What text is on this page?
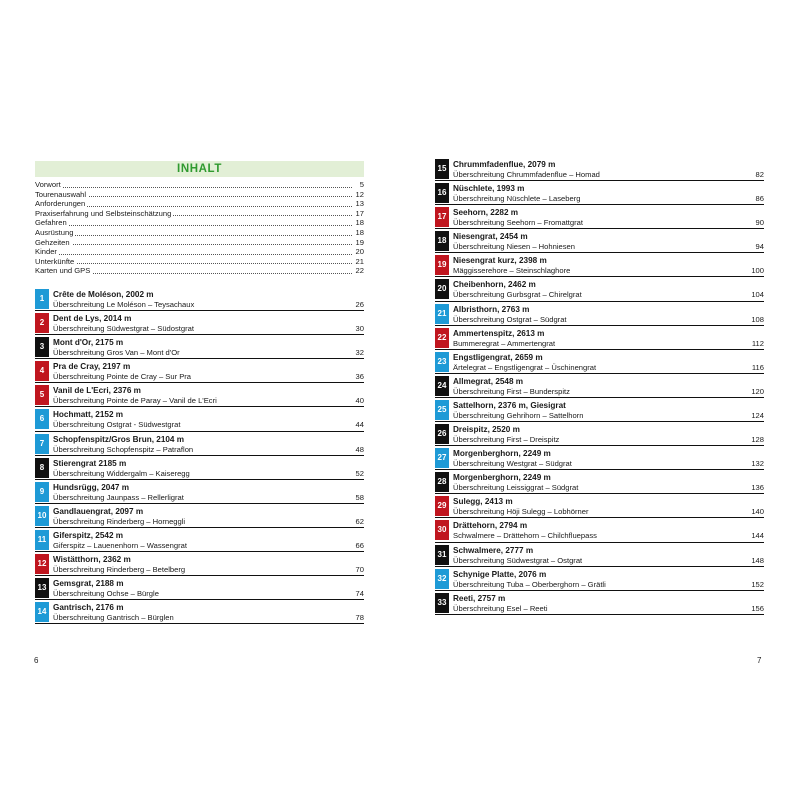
INHALT
Vorwort	5
Tourenauswahl	12
Anforderungen	13
Praxiserfahrung und Selbsteinschätzung	17
Gefahren	18
Ausrüstung	18
Gehzeiten	19
Kinder	20
Unterkünfte	21
Karten und GPS	22
1	Crête de Moléson, 2002 m
Überschreitung Le Moléson – Teysachaux	26
2	Dent de Lys, 2014 m
Überschreitung Südwestgrat – Südostgrat	30
3	Mont d'Or, 2175 m
Überschreitung Gros Van – Mont d'Or	32
4	Pra de Cray, 2197 m
Überschreitung Pointe de Cray – Sur Pra	36
5	Vanil de L'Ecri, 2376 m
Überschreitung Pointe de Paray – Vanil de L'Ecri	40
6	Hochmatt, 2152 m
Überschreitung Ostgrat - Südwestgrat	44
7	Schopfenspitz/Gros Brun, 2104 m
Überschreitung Schopfenspitz – Patraflon	48
8	Stierengrat 2185 m
Überschreitung Widdergalm – Kaiseregg	52
9	Hundsrügg, 2047 m
Überschreitung Jaunpass – Rellerligrat	58
10 Gandlauengrat, 2097 m
Überschreitung Rinderberg – Horneggli	62
11 Giferspitz, 2542 m
Giferspitz – Lauenenhorn – Wassengrat	66
12 Wistätthorn, 2362 m
Überschreitung Rinderberg – Betelberg	70
13 Gemsgrat, 2188 m
Überschreitung Ochse – Bürgle	74
14 Gantrisch, 2176 m
Überschreitung Gantrisch – Bürglen	78
6
15 Chrummfadenflue, 2079 m
Überschreitung Chrummfadenflue – Homad	82
16 Nüschlete, 1993 m
Überschreitung Nüschlete – Laseberg	86
17 Seehorn, 2282 m
Überschreitung Seehorn – Fromattgrat	90
18 Niesengrat, 2454 m
Überschreitung Niesen – Hohniesen	94
19 Niesengrat kurz, 2398 m
Mäggisserehore – Steinschlaghore	100
20 Cheibenhorn, 2462 m
Überschreitung Gurbsgrat – Chirelgrat	104
21 Albristhorn, 2763 m
Überschreitung Ostgrat – Südgrat	108
22 Ammertenspitz, 2613 m
Bummeregrat – Ammertengrat	112
23 Engstligengrat, 2659 m
Ärtelegrat – Engstligengrat – Üschinengrat	116
24 Allmegrat, 2548 m
Überschreitung First – Bunderspitz	120
25 Sattelhorn, 2376 m, Giesigrat
Überschreitung Gehrihorn – Sattelhorn	124
26 Dreispitz, 2520 m
Überschreitung First – Dreispitz	128
27 Morgenberghorn, 2249 m
Überschreitung Westgrat – Südgrat	132
28 Morgenberghorn, 2249 m
Überschreitung Leissiggrat – Südgrat	136
29 Sulegg, 2413 m
Überschreitung Höji Sulegg – Lobhörner	140
30 Drättehorn, 2794 m
Schwalmere – Drättehorn – Chilchfluepass	144
31 Schwalmere, 2777 m
Überschreitung Südwestgrat – Ostgrat	148
32 Schynige Platte, 2076 m
Überschreitung Tuba – Oberberghorn – Grätli	152
33 Reeti, 2757 m
Überschreitung Esel – Reeti	156
7
